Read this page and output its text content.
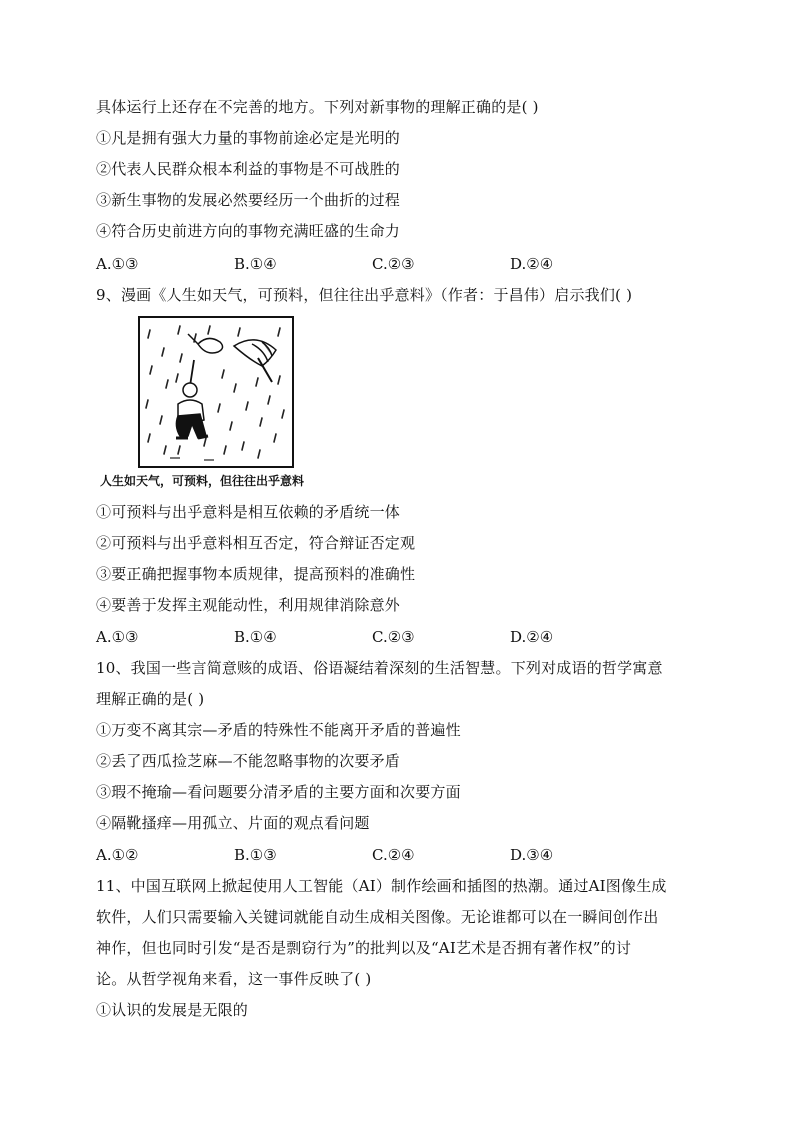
具体运行上还存在不完善的地方。下列对新事物的理解正确的是( )
①凡是拥有强大力量的事物前途必定是光明的
②代表人民群众根本利益的事物是不可战胜的
③新生事物的发展必然要经历一个曲折的过程
④符合历史前进方向的事物充满旺盛的生命力
A.①③	B.①④	C.②③	D.②④
9、漫画《人生如天气，可预料，但往往出乎意料》（作者：于昌伟）启示我们( )
人生如天气，可预料，但往往出乎意料
①可预料与出乎意料是相互依赖的矛盾统一体
②可预料与出乎意料相互否定，符合辩证否定观
③要正确把握事物本质规律，提高预料的准确性
④要善于发挥主观能动性，利用规律消除意外
A.①③	B.①④	C.②③	D.②④
10、我国一些言简意赅的成语、俗语凝结着深刻的生活智慧。下列对成语的哲学寓意
理解正确的是( )
①万变不离其宗—矛盾的特殊性不能离开矛盾的普遍性
②丢了西瓜捡芝麻—不能忽略事物的次要矛盾
③瑕不掩瑜—看问题要分清矛盾的主要方面和次要方面
④隔靴搔痒—用孤立、片面的观点看问题
A.①②	B.①③	C.②④	D.③④
11、中国互联网上掀起使用人工智能（AI）制作绘画和插图的热潮。通过AI图像生成
软件，人们只需要输入关键词就能自动生成相关图像。无论谁都可以在一瞬间创作出
神作，但也同时引发“是否是剽窃行为”的批判以及“AI艺术是否拥有著作权”的讨
论。从哲学视角来看，这一事件反映了( )
①认识的发展是无限的
